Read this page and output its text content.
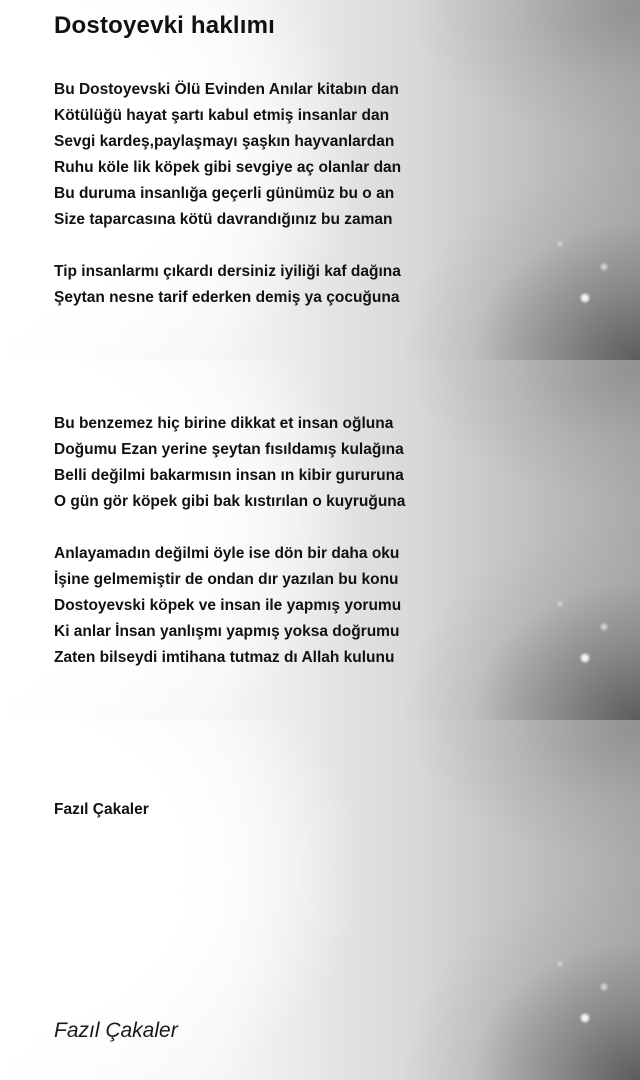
Dostoyevki haklımı
Bu Dostoyevski Ölü Evinden Anılar kitabın dan
Kötülüğü hayat şartı kabul etmiş insanlar dan
Sevgi kardeş,paylaşmayı şaşkın hayvanlardan
Ruhu köle lik köpek gibi sevgiye aç olanlar dan
Bu duruma insanlığa geçerli günümüz bu o an
Size taparcasına kötü davrandığınız bu zaman
Tip insanlarmı çıkardı dersiniz iyiliği kaf dağına
Şeytan nesne tarif ederken demiş ya çocuğuna
Bu benzemez hiç birine dikkat et insan oğluna
Doğumu Ezan yerine şeytan fısıldamış kulağına
Belli değilmi bakarmısın insan ın kibir gururuna
O gün gör köpek gibi bak kıstırılan o kuyruğuna
Anlayamadın değilmi öyle ise dön bir daha oku
İşine gelmemiştir de ondan dır yazılan bu konu
Dostoyevski köpek ve insan ile yapmış yorumu
Ki anlar İnsan yanlışmı yapmış yoksa doğrumu
Zaten bilseydi imtihana tutmaz dı Allah kulunu
Fazıl Çakaler
Fazıl Çakaler
